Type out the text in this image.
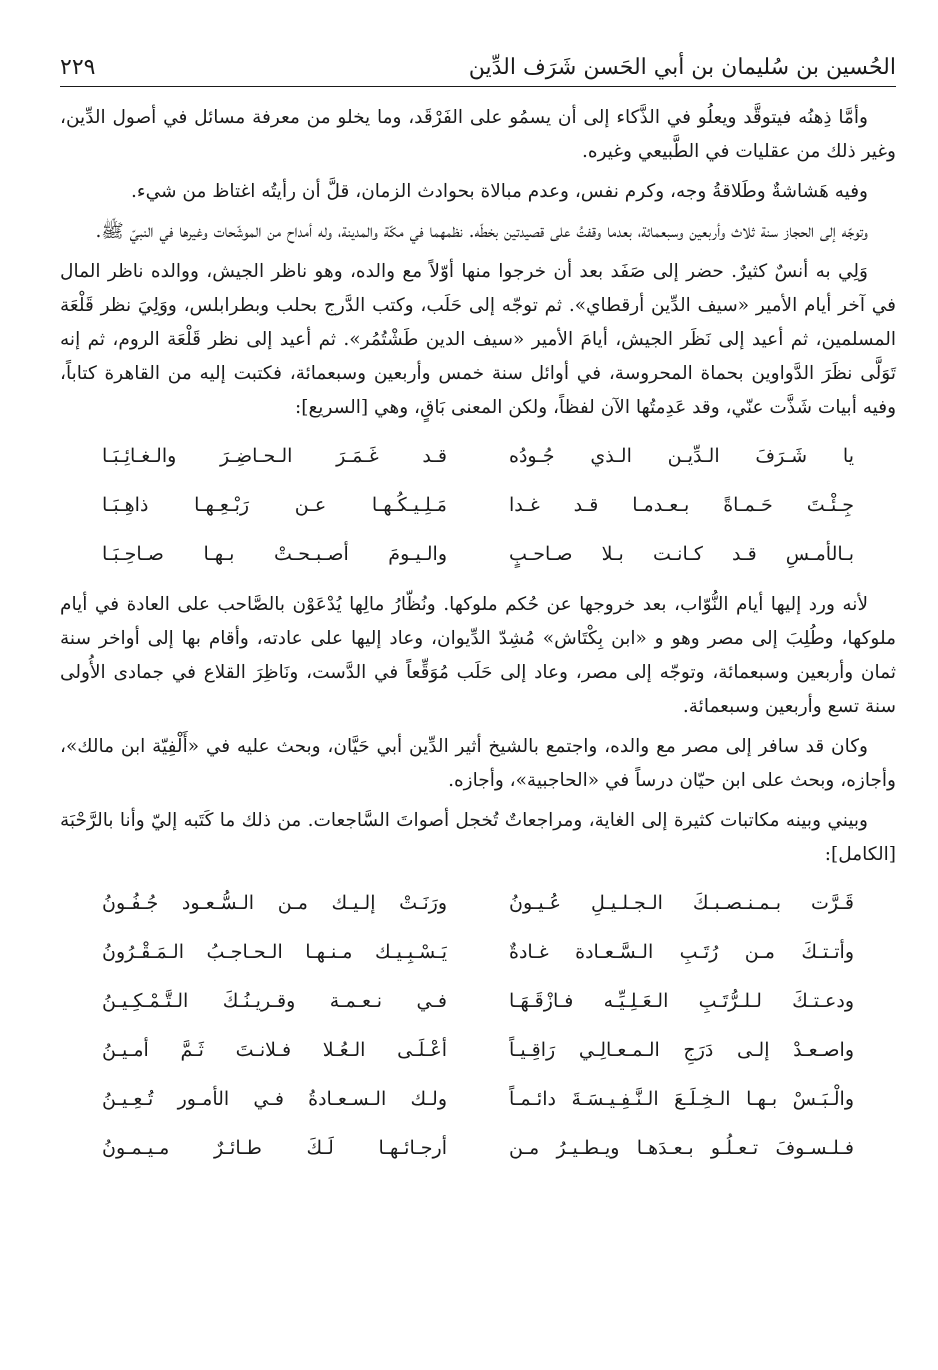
الحُسين بن سُليمان بن أبي الحَسن شَرَف الدِّين
٢٢٩

وأمَّا ذِهنُه فيتوقَّد ويعلُو في الذَّكاء إلى أن يسمُو على الفَرْقَد، وما يخلو من معرفة مسائل في أصول الدِّين، وغير ذلك من عقليات في الطَّبيعي وغيره.

وفيه هَشاشةٌ وطَلاقةُ وجه، وكرم نفس، وعدم مبالاة بحوادث الزمان، قلَّ أن رأيتُه اغتاظ من شيء.

وتوجّه إلى الحجاز سنة ثلاث وأربعين وسبعمائة، بعدما وقفتُ على قصيدتين بخطّه. نظمهما في مكّة والمدينة، وله أمداح من الموشّحات وغيرها في النبيّ ﷺ.

وَلِي به أنسٌ كثيرٌ. حضر إلى صَفَد بعد أن خرجوا منها أوّلاً مع والده، وهو ناظر الجيش، ووالده ناظر المال في آخر أيام الأمير «سيف الدِّين أرقطاي». ثم توجّه إلى حَلَب، وكتب الدَّرج بحلب وبطرابلس، ووَلِيَ نظر قَلْعَة المسلمين، ثم أعيد إلى نَظَر الجيش، أيامَ الأمير «سيف الدين طَشْتُمُر». ثم أعيد إلى نظر قَلْعَة الروم، ثم إنه تَوَلَّى نظَرَ الدَّواوين بحماة المحروسة، في أوائل سنة خمس وأربعين وسبعمائة، فكتبت إليه من القاهرة كتاباً، وفيه أبيات شَذَّت عنّي، وقد عَدِمتُها الآن لفظاً، ولكن المعنى بَاقٍ، وهي [السريع]:

يا شَـرَفَ الـدِّيـن الـذي جُـودُه
قـد غَـمَـرَ الـحـاضِـرَ والـغـائِـبَـا
جِـئْـتَ حَـمـاةً بـعـدمـا قـد غـدا
مَـلِـيـكُـهـا عـن رَبْـعِـهـا ذاهِـبَـا
بـالأمـسِ قـد كـانـت بـلا صـاحـبٍ
والـيـومَ أصـبـحـتْ بـهـا صـاحِـبَـا

لأنه ورد إليها أيام النُّوّاب، بعد خروجها عن حُكم ملوكها. ونُظّارُ مالِها يُدْعَوْن بالصَّاحب على العادة في أيام ملوكها، وطُلِبَ إلى مصر وهو و «ابن بِكْتَاش» مُشِدّ الدِّيوان، وعاد إليها على عادته، وأقام بها إلى أواخر سنة ثمان وأربعين وسبعمائة، وتوجّه إلى مصر، وعاد إلى حَلَب مُوَقِّعاً في الدَّست، ونَاظِرَ القلاع في جمادى الأُولى سنة تسع وأربعين وسبعمائة.

وكان قد سافر إلى مصر مع والده، واجتمع بالشيخ أثير الدِّين أبي حَيَّان، وبحث عليه في «أَلْفِيّة ابن مالك»، وأجازه، وبحث على ابن حيّان درساً في «الحاجبية»، وأجازه.

وبيني وبينه مكاتبات كثيرة إلى الغاية، ومراجعاتٌ تُخجل أصواتَ السَّاجعات. من ذلك ما كَتَبه إليّ وأنا بالرَّحْبَة [الكامل]:

قَـرَّت بـمـنـصـبـكَ الـجـلـيـلِ عُـيـونُ
ورَنَـتْ إلـيـك مـن الـسُّـعـود جُـفُـونُ
وأتـتـكَ مـن رُتَـبِ الـسَّـعـادة غـادةٌ
يَـسْـبِـيـك مـنـهـا الـحـاجـبُ الـمَـقْـرُونُ
ودعـتـكَ لـلـرُّتَـبِ الـعَـلِـيِّـه فـازْقَـهَـا
فـي نـعـمـة وقـريـنُـكَ الـتَّـمْـكِـيـنُ
واصـعـدْ إلـى دَرَجِ الـمـعـالِـي رَاقِـيـاً
أعْـلَـى الـعُـلا فـلانـتَ ثَـمَّ أمـيـنُ
والْـبَـسْ بـهـا الـخِـلَـعَ الـنَّـفِـيـسَـةَ دائـمـاً
ولـك الـسـعـادةُ فـي الأمـور تُـعِـيـنُ
فـلـسـوفَ تـعـلُـو بـعـدَهـا ويـطـيـرُ مـن
أرجـائـهـا لَـكَ طـائـرٌ مـيـمـونُ
